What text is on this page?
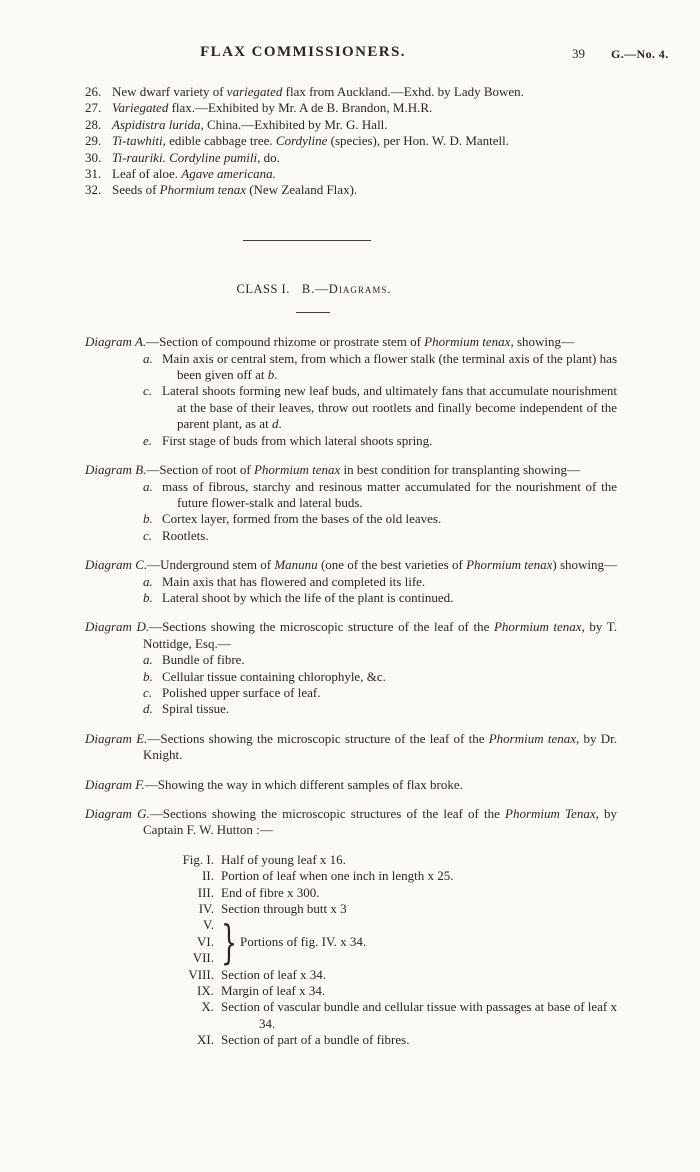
FLAX COMMISSIONERS.	39 G.—No. 4.
26. New dwarf variety of variegated flax from Auckland.—Exhd. by Lady Bowen.
27. Variegated flax.—Exhibited by Mr. A de B. Brandon, M.H.R.
28. Aspidistra lurida, China.—Exhibited by Mr. G. Hall.
29. Ti-tawhiti, edible cabbage tree. Cordyline (species), per Hon. W. D. Mantell.
30. Ti-rauriki. Cordyline pumili, do.
31. Leaf of aloe. Agave americana.
32. Seeds of Phormium tenax (New Zealand Flax).
CLASS I. B.—Diagrams.

Diagram A.—Section of compound rhizome or prostrate stem of Phormium tenax, showing—

a. Main axis or central stem, from which a flower stalk (the terminal axis of the plant) has been given off at b.
c. Lateral shoots forming new leaf buds, and ultimately fans that accumulate nourishment at the base of their leaves, throw out rootlets and finally become independent of the parent plant, as at d.
e. First stage of buds from which lateral shoots spring.

Diagram B.—Section of root of Phormium tenax in best condition for transplanting showing—

a. mass of fibrous, starchy and resinous matter accumulated for the nourishment of the future flower-stalk and lateral buds.
b. Cortex layer, formed from the bases of the old leaves.
c. Rootlets.

Diagram C.—Underground stem of Manunu (one of the best varieties of Phormium tenax) showing—

a. Main axis that has flowered and completed its life.
b. Lateral shoot by which the life of the plant is continued.

Diagram D.—Sections showing the microscopic structure of the leaf of the Phormium tenax, by T. Nottidge, Esq.—

a. Bundle of fibre.
b. Cellular tissue containing chlorophyle, &c.
c. Polished upper surface of leaf.
d. Spiral tissue.

Diagram E.—Sections showing the microscopic structure of the leaf of the Phormium tenax, by Dr. Knight.

Diagram F.—Showing the way in which different samples of flax broke.

Diagram G.—Sections showing the microscopic structures of the leaf of the Phormium Tenax, by Captain F. W. Hutton :—

Fig. I. Half of young leaf x 16.
II. Portion of leaf when one inch in length x 25.
III. End of fibre x 300.
IV. Section through butt x 3
V.
VI.
VII. } Portions of fig. IV. x 34.
VIII. Section of leaf x 34.
IX. Margin of leaf x 34.
X. Section of vascular bundle and cellular tissue with passages at base of leaf x 34.
XI. Section of part of a bundle of fibres.
